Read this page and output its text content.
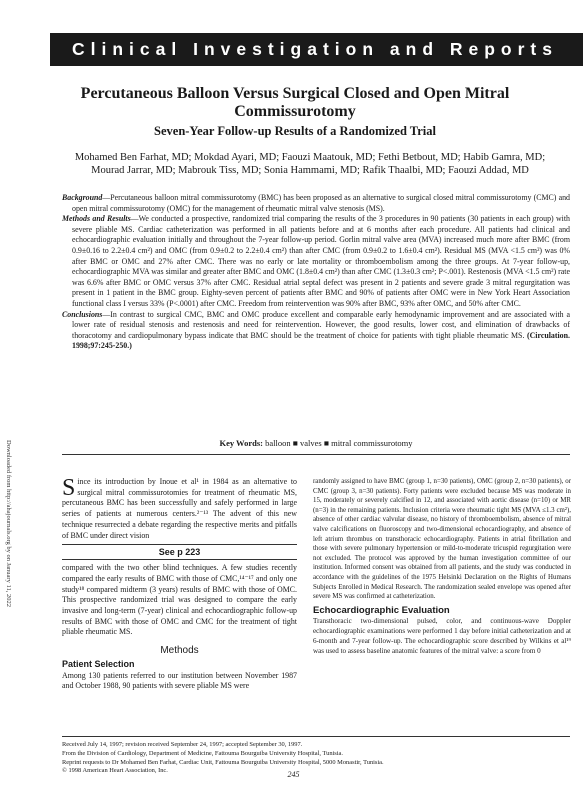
Clinical Investigation and Reports
Percutaneous Balloon Versus Surgical Closed and Open Mitral Commissurotomy
Seven-Year Follow-up Results of a Randomized Trial
Mohamed Ben Farhat, MD; Mokdad Ayari, MD; Faouzi Maatouk, MD; Fethi Betbout, MD; Habib Gamra, MD;
Mourad Jarrar, MD; Mabrouk Tiss, MD; Sonia Hammami, MD; Rafik Thaalbi, MD; Faouzi Addad, MD

Background—Percutaneous balloon mitral commissurotomy (BMC) has been proposed as an alternative to surgical closed mitral commissurotomy (CMC) and open mitral commissurotomy (OMC) for the management of rheumatic mitral valve stenosis (MS).

Methods and Results—We conducted a prospective, randomized trial comparing the results of the 3 procedures in 90 patients (30 patients in each group) with severe pliable MS. Cardiac catheterization was performed in all patients before and at 6 months after each procedure. All patients had clinical and echocardiographic evaluation initially and throughout the 7-year follow-up period. Gorlin mitral valve area (MVA) increased much more after BMC (from 0.9±0.16 to 2.2±0.4 cm²) and OMC (from 0.9±0.2 to 2.2±0.4 cm²) than after CMC (from 0.9±0.2 to 1.6±0.4 cm²). Residual MS (MVA <1.5 cm²) was 0% after BMC or OMC and 27% after CMC. There was no early or late mortality or thromboembolism among the three groups. At 7-year follow-up, echocardiographic MVA was similar and greater after BMC and OMC (1.8±0.4 cm²) than after CMC (1.3±0.3 cm²; P<.001). Restenosis (MVA <1.5 cm²) rate was 6.6% after BMC or OMC versus 37% after CMC. Residual atrial septal defect was present in 2 patients and severe grade 3 mitral regurgitation was present in 1 patient in the BMC group. Eighty-seven percent of patients after BMC and 90% of patients after OMC were in New York Heart Association functional class I versus 33% (P<.0001) after CMC. Freedom from reintervention was 90% after BMC, 93% after OMC, and 50% after CMC.

Conclusions—In contrast to surgical CMC, BMC and OMC produce excellent and comparable early hemodynamic improvement and are associated with a lower rate of residual stenosis and restenosis and need for reintervention. However, the good results, lower cost, and elimination of drawbacks of thoracotomy and cardiopulmonary bypass indicate that BMC should be the treatment of choice for patients with tight pliable rheumatic MS. (Circulation. 1998;97:245-250.)

Key Words: balloon ■ valves ■ mitral commissurotomy
Downloaded from http://ahajournals.org by on January 11, 2022 Since its introduction by Inoue et al¹ in 1984 as an alternative to surgical mitral commissurotomies for treatment of rheumatic MS, percutaneous BMC has been successfully and safely performed in large series of patients at numerous centers.²⁻¹³ The advent of this new technique resurrected a debate regarding the respective merits and pitfalls of BMC under direct vision

See p 223

compared with the two other blind techniques. A few studies recently compared the early results of BMC with those of CMC,¹⁴⁻¹⁷ and only one study¹⁸ compared midterm (3 years) results of BMC with those of OMC. This prospective randomized trial was designed to compare the early invasive and long-term (7-year) clinical and echocardiographic follow-up results of BMC with those of OMC and CMC for the treatment of tight pliable rheumatic MS.

Methods
Patient Selection

Among 130 patients referred to our institution between November 1987 and October 1988, 90 patients with severe pliable MS were

randomly assigned to have BMC (group 1, n=30 patients), OMC (group 2, n=30 patients), or CMC (group 3, n=30 patients). Forty patients were excluded because MS was moderate in 15, moderately or severely calcified in 12, and associated with aortic disease (n=10) or MR (n=3) in the remaining patients. Inclusion criteria were rheumatic tight MS (MVA ≤1.3 cm²), absence of other cardiac valvular disease, no history of thromboembolism, absence of mitral valve calcifications on fluoroscopy and two-dimensional echocardiography, and absence of left atrium thrombus on transthoracic echocardiography. Patients in atrial fibrillation and those with severe pulmonary hypertension or mild-to-moderate tricuspid regurgitation were not excluded. The protocol was approved by the human investigation committee of our institution. Informed consent was obtained from all patients, and the study was conducted in accordance with the guidelines of the 1975 Helsinki Declaration on the Rights of Humans Subjects Enrolled in Medical Research. The randomization sealed envelope was opened after severe MS was confirmed at catheterization.

Echocardiographic Evaluation

Transthoracic two-dimensional pulsed, color, and continuous-wave Doppler echocardiographic examinations were performed 1 day before initial catheterization and at 6-month and 7-year follow-up. The echocardiographic score described by Wilkins et al¹⁹ was used to assess baseline anatomic features of the mitral valve: a score from 0

Received July 14, 1997; revision received September 24, 1997; accepted September 30, 1997.

From the Division of Cardiology, Department of Medicine, Fattouma Bourguiba University Hospital, Tunisia.

Reprint requests to Dr Mohamed Ben Farhat, Cardiac Unit, Fattouma Bourguiba University Hospital, 5000 Monastir, Tunisia.

© 1998 American Heart Association, Inc.	245
